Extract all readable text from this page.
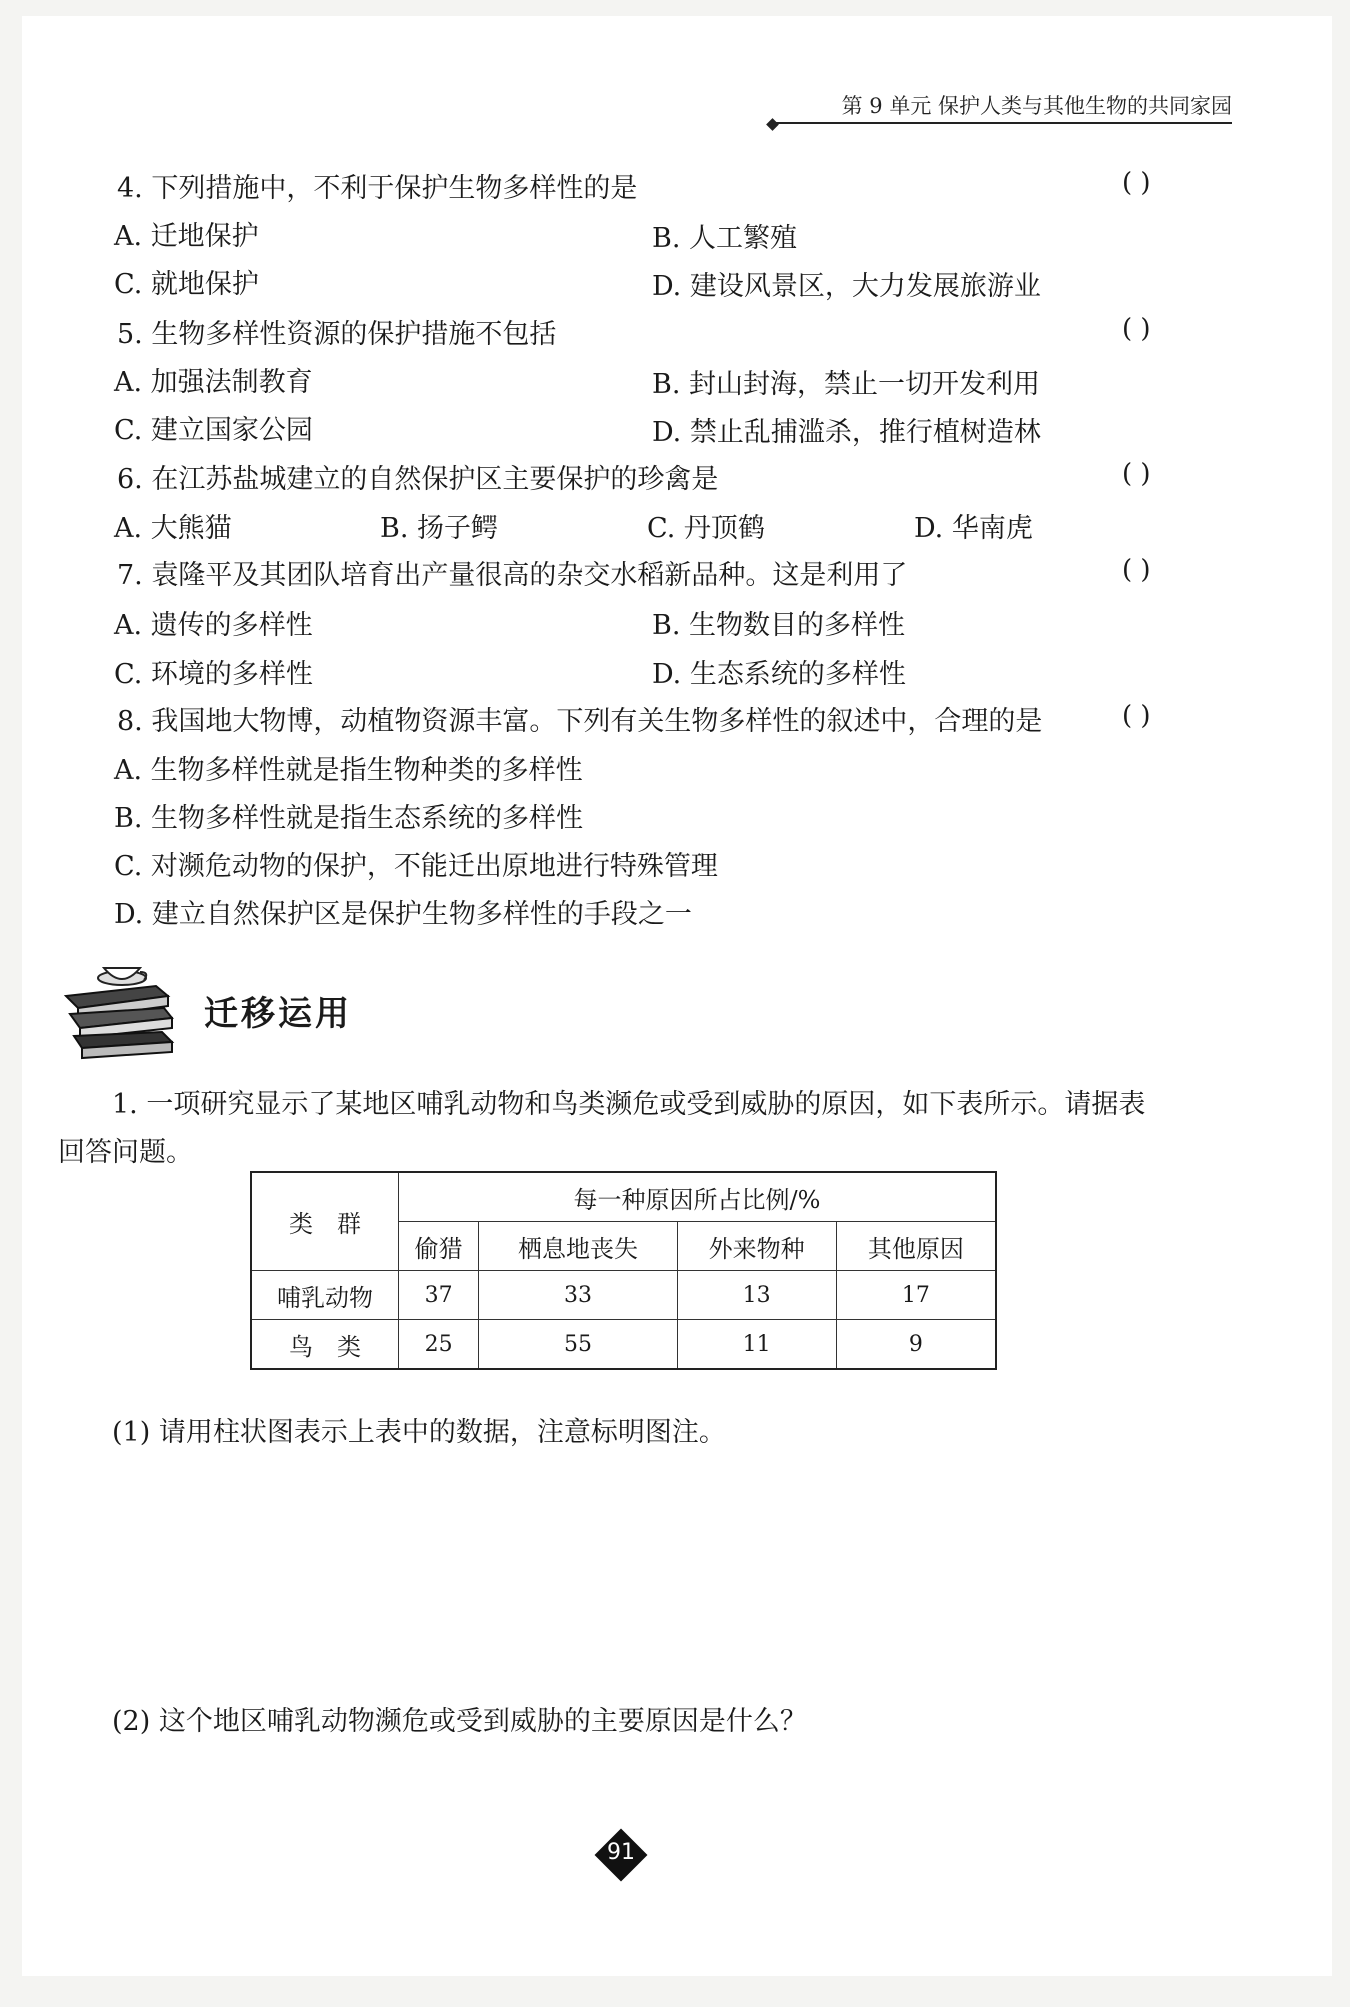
第 9 单元 保护人类与其他生物的共同家园
4. 下列措施中，不利于保护生物多样性的是	( )
A. 迁地保护	B. 人工繁殖
C. 就地保护	D. 建设风景区，大力发展旅游业
5. 生物多样性资源的保护措施不包括	( )
A. 加强法制教育	B. 封山封海，禁止一切开发利用
C. 建立国家公园	D. 禁止乱捕滥杀，推行植树造林
6. 在江苏盐城建立的自然保护区主要保护的珍禽是	( )
A. 大熊猫	B. 扬子鳄	C. 丹顶鹤	D. 华南虎
7. 袁隆平及其团队培育出产量很高的杂交水稻新品种。这是利用了	( )
A. 遗传的多样性	B. 生物数目的多样性
C. 环境的多样性	D. 生态系统的多样性
8. 我国地大物博，动植物资源丰富。下列有关生物多样性的叙述中，合理的是	( )
A. 生物多样性就是指生物种类的多样性
B. 生物多样性就是指生态系统的多样性
C. 对濒危动物的保护，不能迁出原地进行特殊管理
D. 建立自然保护区是保护生物多样性的手段之一
迁移运用
1. 一项研究显示了某地区哺乳动物和鸟类濒危或受到威胁的原因，如下表所示。请据表
回答问题。
类　群	每一种原因所占比例/%			
	偷猎	栖息地丧失	外来物种	其他原因
哺乳动物	37	33	13	17
鸟　类	25	55	11	9
(1) 请用柱状图表示上表中的数据，注意标明图注。
(2) 这个地区哺乳动物濒危或受到威胁的主要原因是什么？
91
